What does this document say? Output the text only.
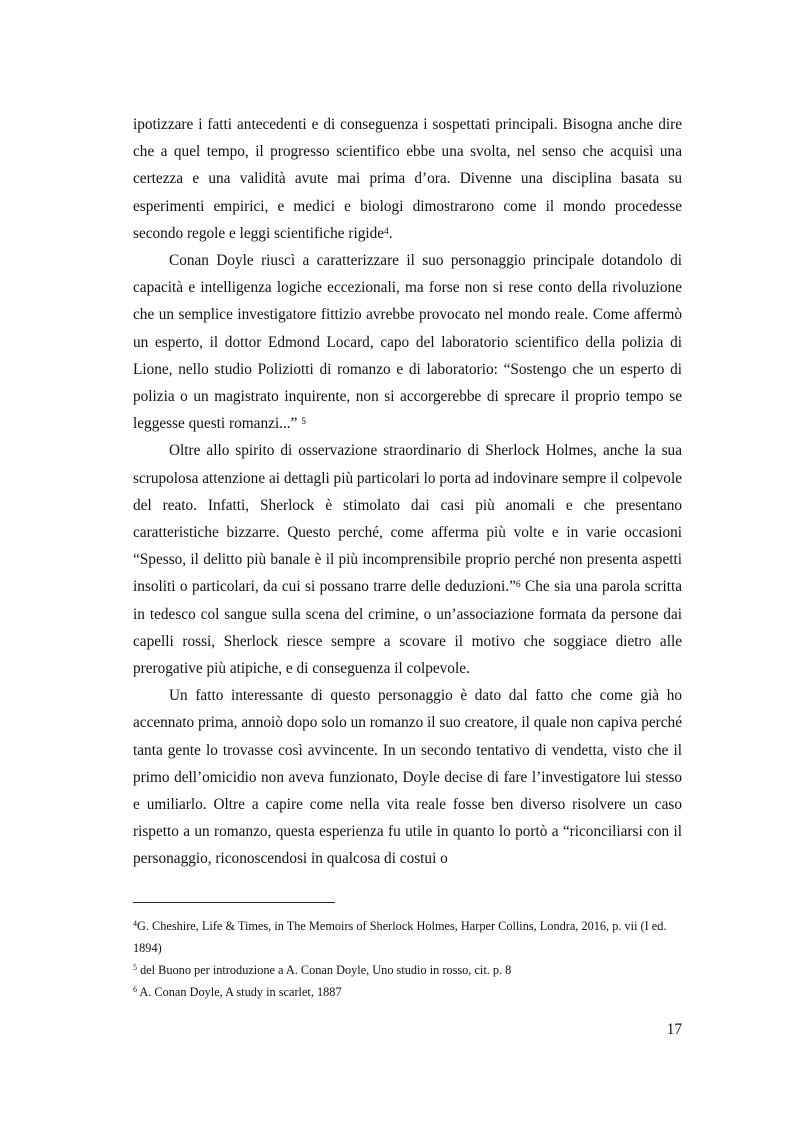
ipotizzare i fatti antecedenti e di conseguenza i sospettati principali. Bisogna anche dire che a quel tempo, il progresso scientifico ebbe una svolta, nel senso che acquisì una certezza e una validità avute mai prima d’ora. Divenne una disciplina basata su esperimenti empirici, e medici e biologi dimostrarono come il mondo procedesse secondo regole e leggi scientifiche rigide$^4$.

Conan Doyle riuscì a caratterizzare il suo personaggio principale dotandolo di capacità e intelligenza logiche eccezionali, ma forse non si rese conto della rivoluzione che un semplice investigatore fittizio avrebbe provocato nel mondo reale. Come affermò un esperto, il dottor Edmond Locard, capo del laboratorio scientifico della polizia di Lione, nello studio Poliziotti di romanzo e di laboratorio: “Sostengo che un esperto di polizia o un magistrato inquirente, non si accorgerebbe di sprecare il proprio tempo se leggesse questi romanzi...” $^5$

Oltre allo spirito di osservazione straordinario di Sherlock Holmes, anche la sua scrupolosa attenzione ai dettagli più particolari lo porta ad indovinare sempre il colpevole del reato. Infatti, Sherlock è stimolato dai casi più anomali e che presentano caratteristiche bizzarre. Questo perché, come afferma più volte e in varie occasioni “Spesso, il delitto più banale è il più incomprensibile proprio perché non presenta aspetti insoliti o particolari, da cui si possano trarre delle deduzioni.”$^6$ Che sia una parola scritta in tedesco col sangue sulla scena del crimine, o un’associazione formata da persone dai capelli rossi, Sherlock riesce sempre a scovare il motivo che soggiace dietro alle prerogative più atipiche, e di conseguenza il colpevole.

Un fatto interessante di questo personaggio è dato dal fatto che come già ho accennato prima, annoiò dopo solo un romanzo il suo creatore, il quale non capiva perché tanta gente lo trovasse così avvincente. In un secondo tentativo di vendetta, visto che il primo dell’omicidio non aveva funzionato, Doyle decise di fare l’investigatore lui stesso e umiliarlo. Oltre a capire come nella vita reale fosse ben diverso risolvere un caso rispetto a un romanzo, questa esperienza fu utile in quanto lo portò a “riconciliarsi con il personaggio, riconoscendosi in qualcosa di costui o

$^4$G. Cheshire, Life & Times, in The Memoirs of Sherlock Holmes, Harper Collins, Londra, 2016, p. vii (I ed. 1894)

$^5$ del Buono per introduzione a A. Conan Doyle, Uno studio in rosso, cit. p. 8

$^6$ A. Conan Doyle, A study in scarlet, 1887

17
